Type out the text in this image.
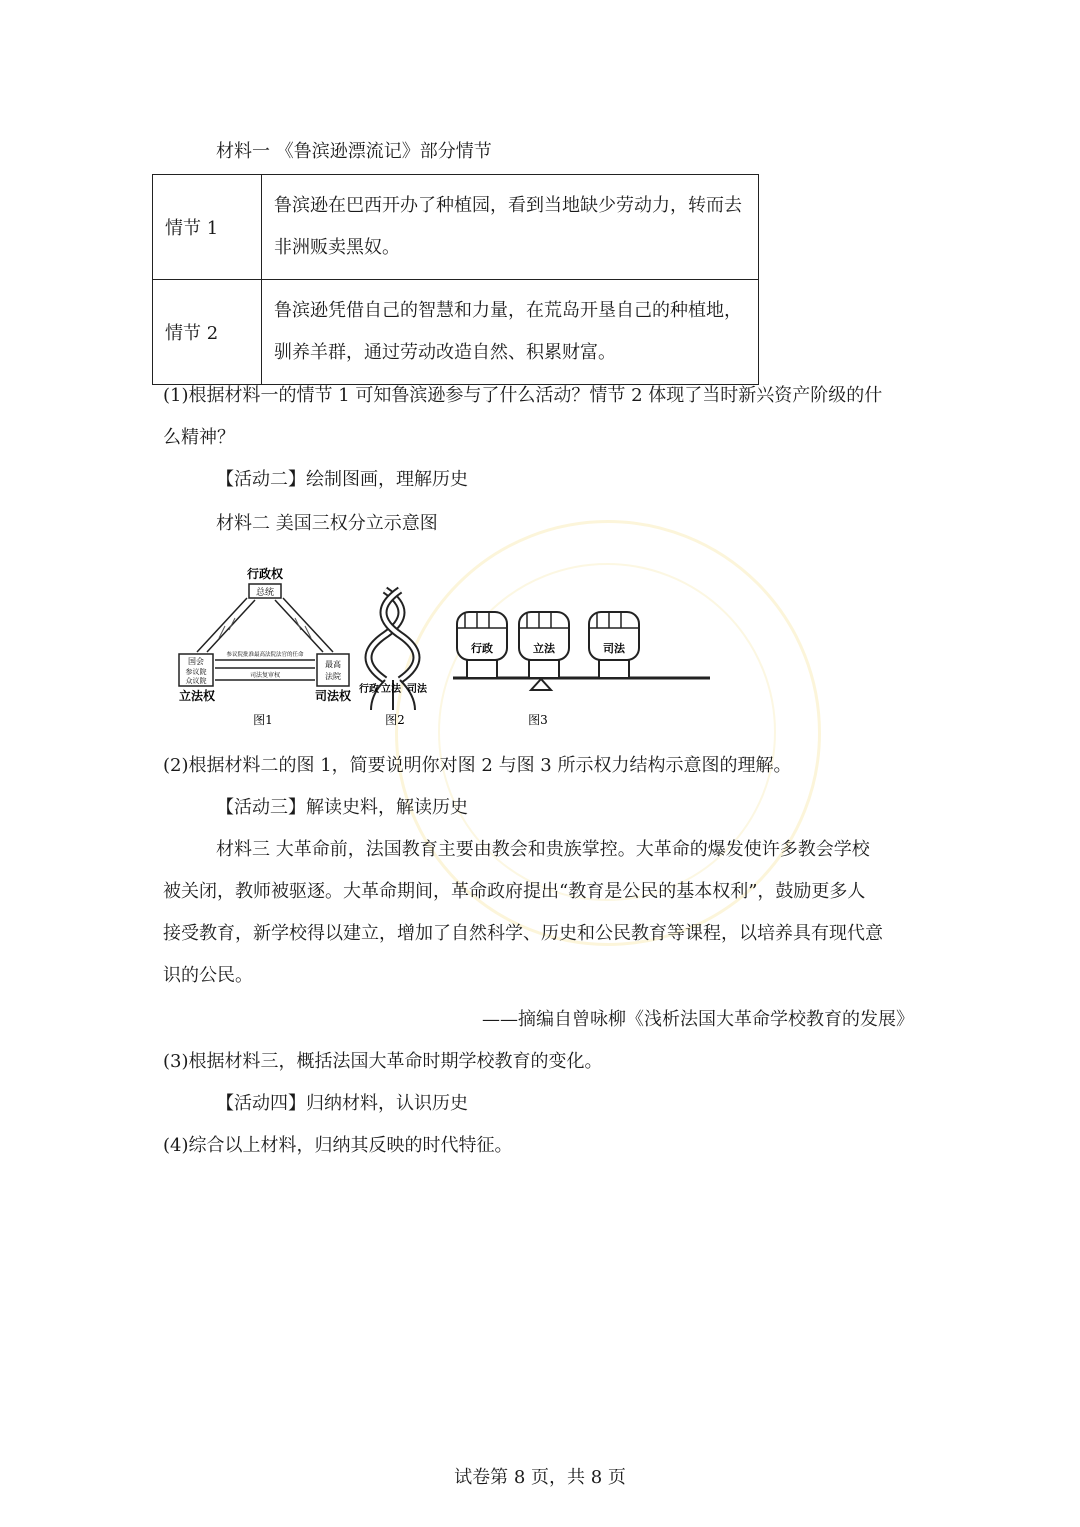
材料一 《鲁滨逊漂流记》部分情节
情节 1	鲁滨逊在巴西开办了种植园，看到当地缺少劳动力，转而去
非洲贩卖黑奴。

情节 2	鲁滨逊凭借自己的智慧和力量，在荒岛开垦自己的种植地，
驯养羊群，通过劳动改造自然、积累财富。
(1)根据材料一的情节 1 可知鲁滨逊参与了什么活动？情节 2 体现了当时新兴资产阶级的什
么精神？
【活动二】绘制图画，理解历史
材料二 美国三权分立示意图
行政权
总统
国会
参议院
众议院
最高
法院
参议院批准最高法院法官的任命
司法复审权
立法权	司法权
图1
行政 立法 司法
图2
行政	立法	司法
图3
(2)根据材料二的图 1，简要说明你对图 2 与图 3 所示权力结构示意图的理解。
【活动三】解读史料，解读历史
材料三 大革命前，法国教育主要由教会和贵族掌控。大革命的爆发使许多教会学校
被关闭，教师被驱逐。大革命期间，革命政府提出“教育是公民的基本权利”，鼓励更多人
接受教育，新学校得以建立，增加了自然科学、历史和公民教育等课程，以培养具有现代意
识的公民。
——摘编自曾咏柳《浅析法国大革命学校教育的发展》
(3)根据材料三，概括法国大革命时期学校教育的变化。
【活动四】归纳材料，认识历史
(4)综合以上材料，归纳其反映的时代特征。
试卷第 8 页，共 8 页
